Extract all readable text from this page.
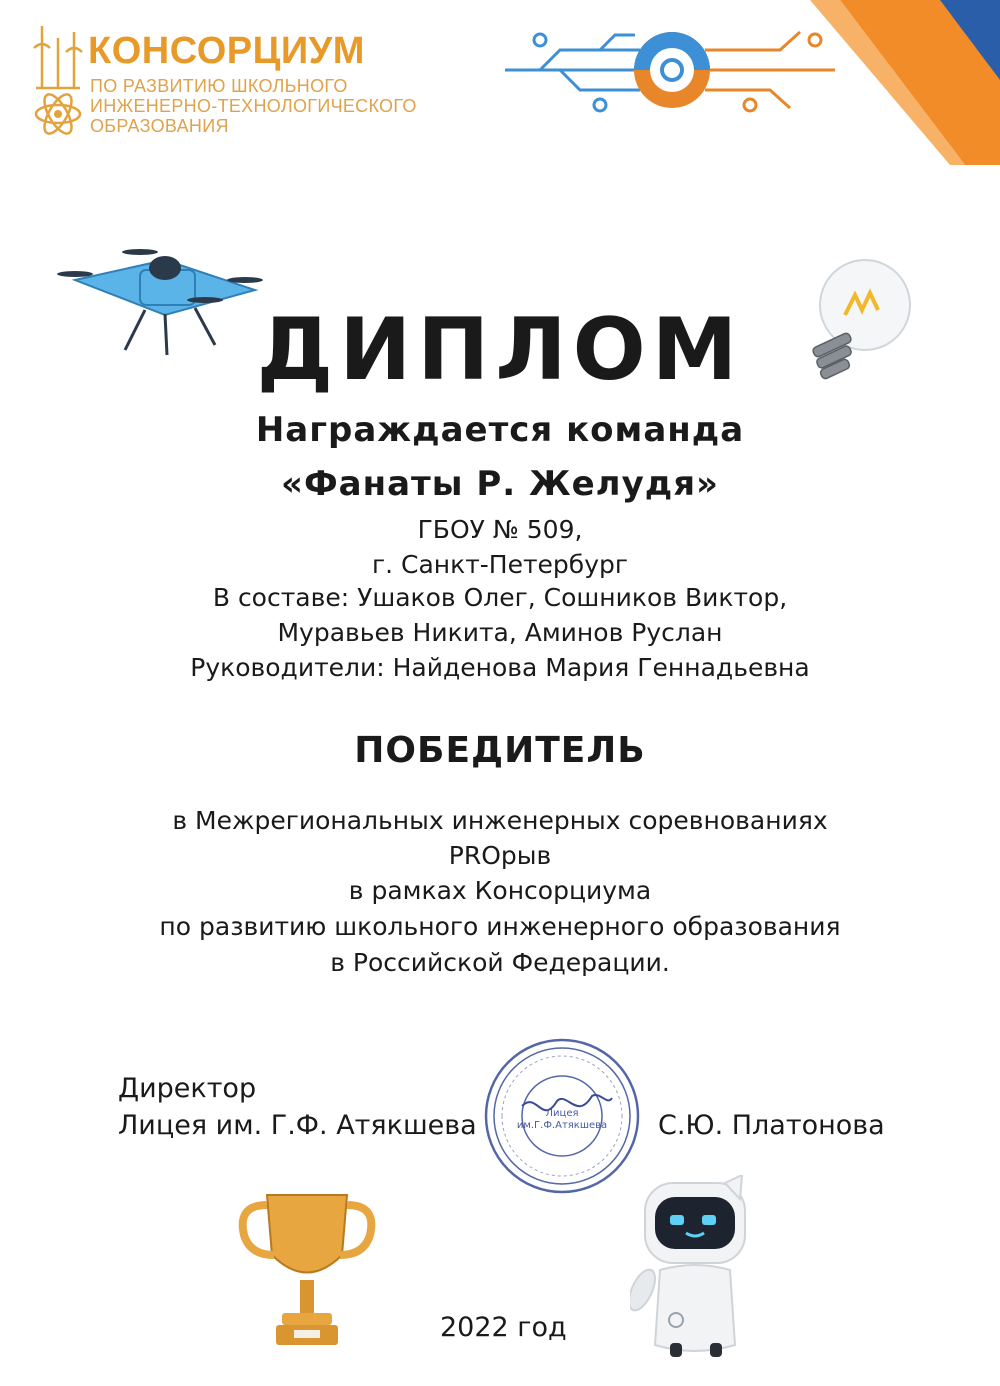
КОНСОРЦИУМ
ПО РАЗВИТИЮ ШКОЛЬНОГО
ИНЖЕНЕРНО-ТЕХНОЛОГИЧЕСКОГО
ОБРАЗОВАНИЯ
ДИПЛОМ
Награждается команда
«Фанаты Р. Желудя»
ГБОУ № 509,
г. Санкт-Петербург
В составе: Ушаков Олег, Сошников Виктор,
Муравьев Никита, Аминов Руслан
Руководители: Найденова Мария Геннадьевна
ПОБЕДИТЕЛЬ
в Межрегиональных инженерных соревнованиях
PROрыв
в рамках Консорциума
по развитию школьного инженерного образования
в Российской Федерации.
Директор
Лицея им. Г.Ф. Атякшева	С.Ю. Платонова
Лицея им.Г.Ф.Атякшева
2022 год
